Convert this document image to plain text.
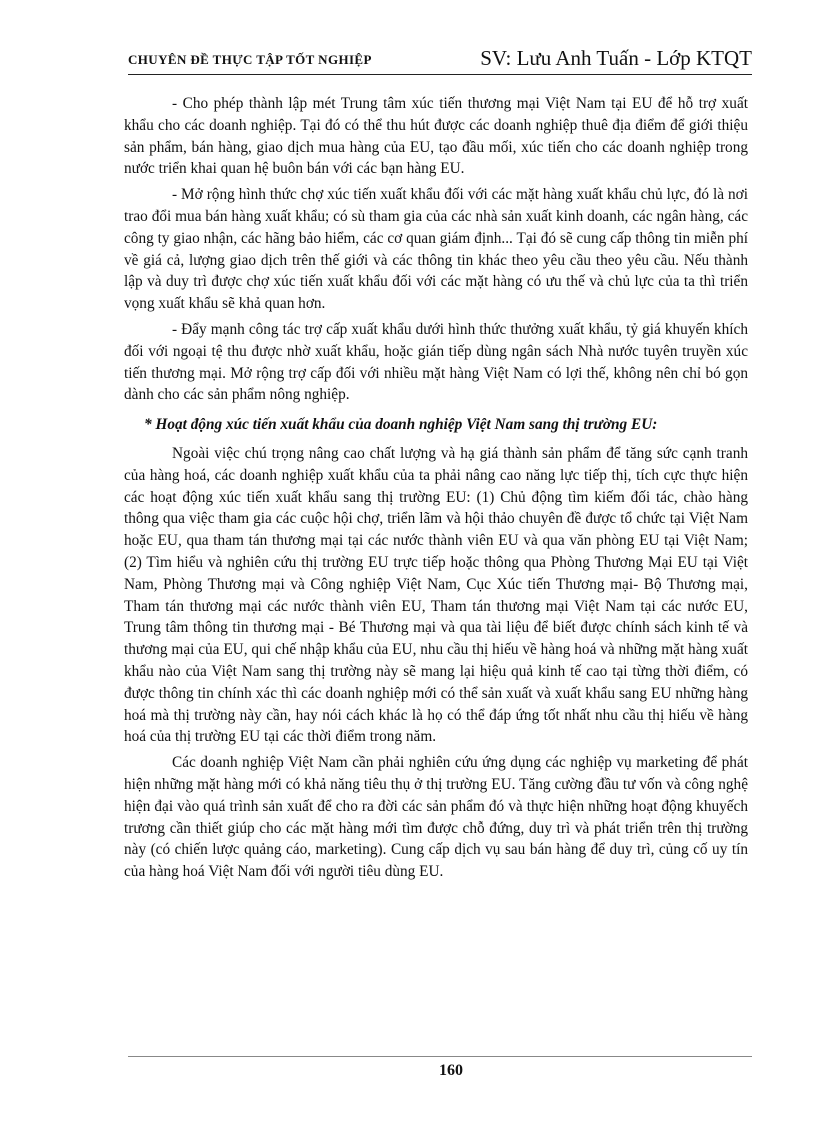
CHUYÊN ĐỀ THỰC TẬP TỐT NGHIỆP	SV: Lưu Anh Tuấn - Lớp KTQT

- Cho phép thành lập mét Trung tâm xúc tiến thương mại Việt Nam tại EU để hỗ trợ xuất khẩu cho các doanh nghiệp. Tại đó có thể thu hút được các doanh nghiệp thuê địa điểm để giới thiệu sản phẩm, bán hàng, giao dịch mua hàng của EU, tạo đầu mối, xúc tiến cho các doanh nghiệp trong nước triển khai quan hệ buôn bán với các bạn hàng EU.

- Mở rộng hình thức chợ xúc tiến xuất khẩu đối với các mặt hàng xuất khẩu chủ lực, đó là nơi trao đổi mua bán hàng xuất khẩu; có sù tham gia của các nhà sản xuất kinh doanh, các ngân hàng, các công ty giao nhận, các hãng bảo hiểm, các cơ quan giám định... Tại đó sẽ cung cấp thông tin miễn phí về giá cả, lượng giao dịch trên thế giới và các thông tin khác theo yêu cầu theo yêu cầu. Nếu thành lập và duy trì được chợ xúc tiến xuất khẩu đối với các mặt hàng có ưu thế và chủ lực của ta thì triển vọng xuất khẩu sẽ khả quan hơn.

- Đẩy mạnh công tác trợ cấp xuất khẩu dưới hình thức thưởng xuất khẩu, tỷ giá khuyến khích đối với ngoại tệ thu được nhờ xuất khẩu, hoặc gián tiếp dùng ngân sách Nhà nước tuyên truyền xúc tiến thương mại. Mở rộng trợ cấp đối với nhiều mặt hàng Việt Nam có lợi thế, không nên chỉ bó gọn dành cho các sản phẩm nông nghiệp.

* Hoạt động xúc tiến xuất khẩu của doanh nghiệp Việt Nam sang thị trường EU:

Ngoài việc chú trọng nâng cao chất lượng và hạ giá thành sản phẩm để tăng sức cạnh tranh của hàng hoá, các doanh nghiệp xuất khẩu của ta phải nâng cao năng lực tiếp thị, tích cực thực hiện các hoạt động xúc tiến xuất khẩu sang thị trường EU: (1) Chủ động tìm kiếm đối tác, chào hàng thông qua việc tham gia các cuộc hội chợ, triển lãm và hội thảo chuyên đề được tổ chức tại Việt Nam hoặc EU, qua tham tán thương mại tại các nước thành viên EU và qua văn phòng EU tại Việt Nam; (2) Tìm hiểu và nghiên cứu thị trường EU trực tiếp hoặc thông qua Phòng Thương Mại EU tại Việt Nam, Phòng Thương mại và Công nghiệp Việt Nam, Cục Xúc tiến Thương mại- Bộ Thương mại, Tham tán thương mại các nước thành viên EU, Tham tán thương mại Việt Nam tại các nước EU, Trung tâm thông tin thương mại - Bé Thương mại và qua tài liệu để biết được chính sách kinh tế và thương mại của EU, qui chế nhập khẩu của EU, nhu cầu thị hiếu về hàng hoá và những mặt hàng xuất khẩu nào của Việt Nam sang thị trường này sẽ mang lại hiệu quả kinh tế cao tại từng thời điểm, có được thông tin chính xác thì các doanh nghiệp mới có thể sản xuất và xuất khẩu sang EU những hàng hoá mà thị trường này cần, hay nói cách khác là họ có thể đáp ứng tốt nhất nhu cầu thị hiếu về hàng hoá của thị trường EU tại các thời điểm trong năm.

Các doanh nghiệp Việt Nam cần phải nghiên cứu ứng dụng các nghiệp vụ marketing để phát hiện những mặt hàng mới có khả năng tiêu thụ ở thị trường EU. Tăng cường đầu tư vốn và công nghệ hiện đại vào quá trình sản xuất để cho ra đời các sản phẩm đó và thực hiện những hoạt động khuyếch trương cần thiết giúp cho các mặt hàng mới tìm được chỗ đứng, duy trì và phát triển trên thị trường này (có chiến lược quảng cáo, marketing). Cung cấp dịch vụ sau bán hàng để duy trì, củng cố uy tín của hàng hoá Việt Nam đối với người tiêu dùng EU.

160
